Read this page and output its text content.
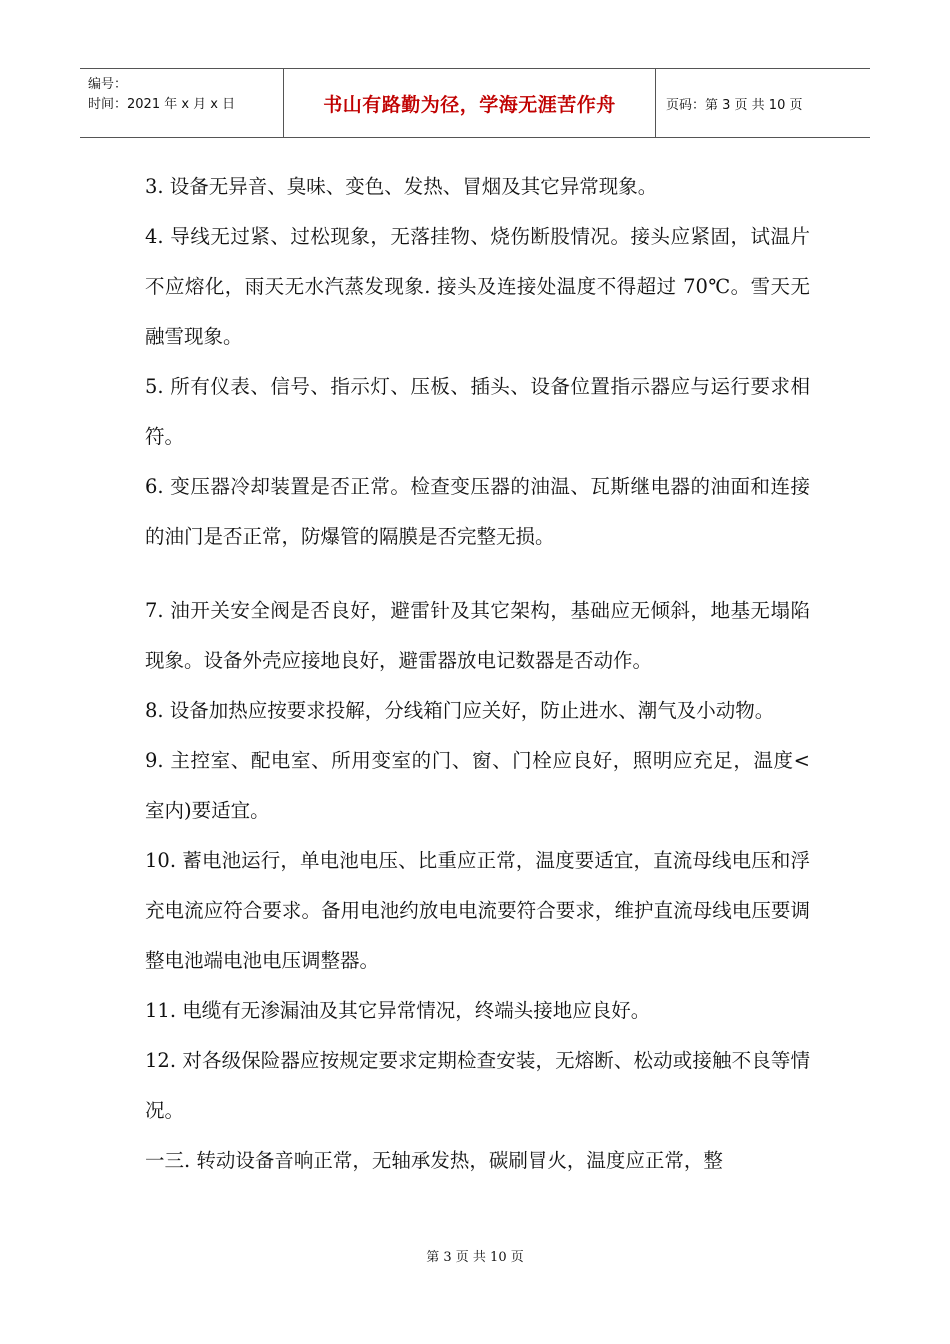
编号：
时间：2021 年 x 月 x 日	书山有路勤为径，学海无涯苦作舟	页码：第 3 页 共 10 页

3. 设备无异音、臭味、变色、发热、冒烟及其它异常现象。

4. 导线无过紧、过松现象，无落挂物、烧伤断股情况。接头应紧固，试温片不应熔化，雨天无水汽蒸发现象. 接头及连接处温度不得超过 70℃。雪天无融雪现象。

5. 所有仪表、信号、指示灯、压板、插头、设备位置指示器应与运行要求相符。

6. 变压器冷却装置是否正常。检查变压器的油温、瓦斯继电器的油面和连接的油门是否正常，防爆管的隔膜是否完整无损。

7. 油开关安全阀是否良好，避雷针及其它架构，基础应无倾斜，地基无塌陷现象。设备外壳应接地良好，避雷器放电记数器是否动作。

8. 设备加热应按要求投解，分线箱门应关好，防止进水、潮气及小动物。

9. 主控室、配电室、所用变室的门、窗、门栓应良好，照明应充足，温度<室内)要适宜。

10. 蓄电池运行，单电池电压、比重应正常，温度要适宜，直流母线电压和浮充电流应符合要求。备用电池约放电电流要符合要求，维护直流母线电压要调整电池端电池电压调整器。

11. 电缆有无渗漏油及其它异常情况，终端头接地应良好。

12. 对各级保险器应按规定要求定期检查安装，无熔断、松动或接触不良等情况。

一三. 转动设备音响正常，无轴承发热，碳刷冒火，温度应正常，整

第 3 页 共 10 页
